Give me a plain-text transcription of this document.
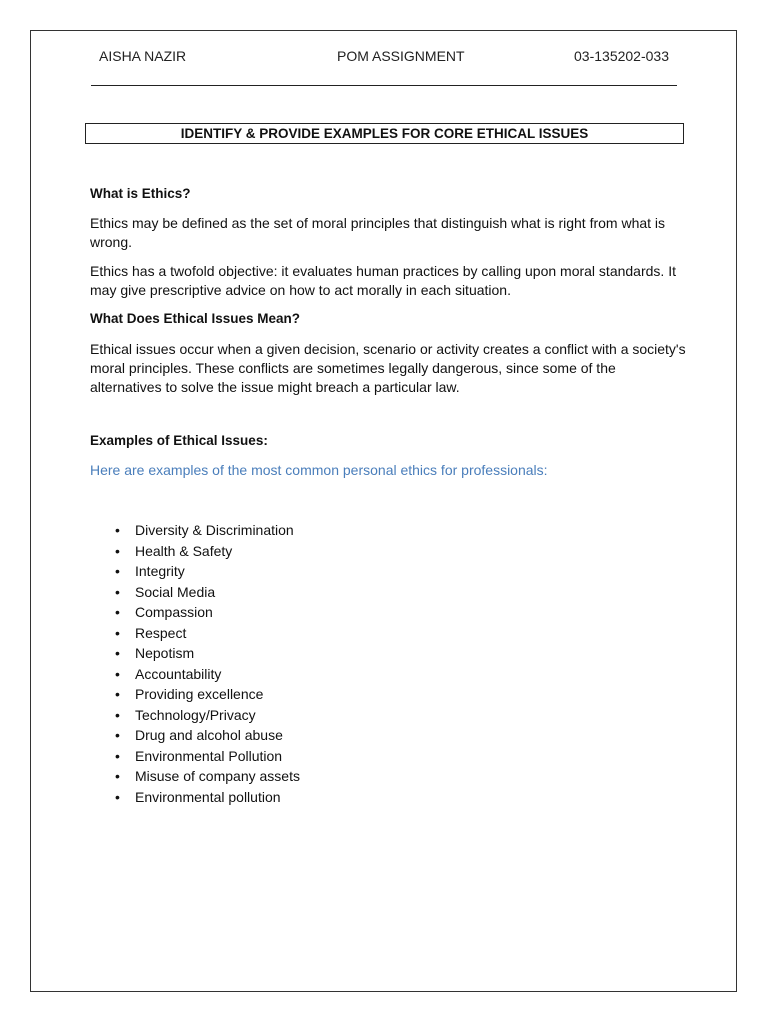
AISHA NAZIR	POM ASSIGNMENT	03-135202-033
IDENTIFY & PROVIDE EXAMPLES FOR CORE ETHICAL ISSUES
What is Ethics?

Ethics may be defined as the set of moral principles that distinguish what is right from what is wrong.

Ethics has a twofold objective: it evaluates human practices by calling upon moral standards. It may give prescriptive advice on how to act morally in each situation.

What Does Ethical Issues Mean?

Ethical issues occur when a given decision, scenario or activity creates a conflict with a society's moral principles. These conflicts are sometimes legally dangerous, since some of the alternatives to solve the issue might breach a particular law.

Examples of Ethical Issues:

Here are examples of the most common personal ethics for professionals:

• Diversity & Discrimination
• Health & Safety
• Integrity
• Social Media
• Compassion
• Respect
• Nepotism
• Accountability
• Providing excellence
• Technology/Privacy
• Drug and alcohol abuse
• Environmental Pollution
• Misuse of company assets
• Environmental pollution
